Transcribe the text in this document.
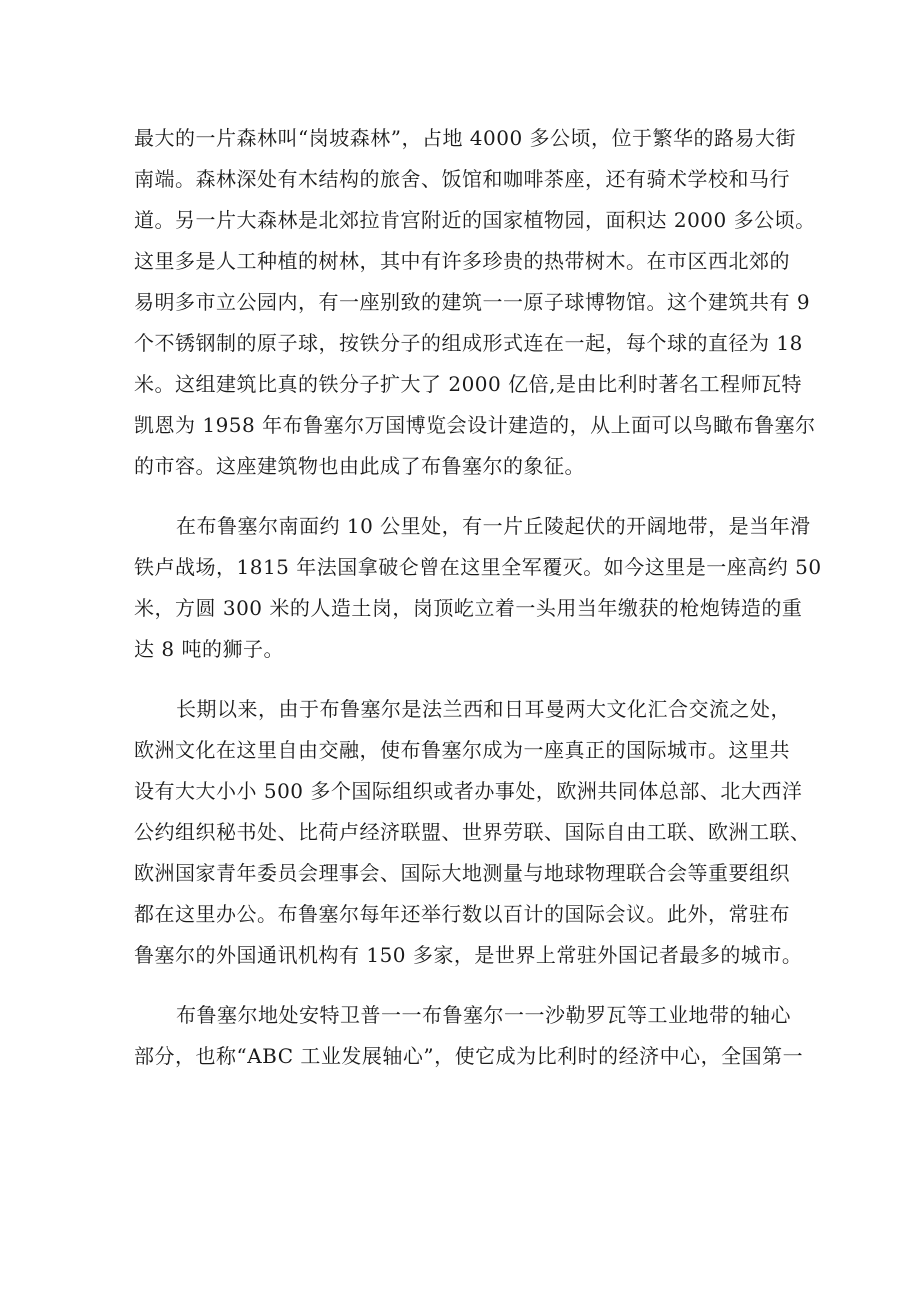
最大的一片森林叫“岗坡森林”，占地 4000 多公顷，位于繁华的路易大街
南端。森林深处有木结构的旅舍、饭馆和咖啡茶座，还有骑术学校和马行
道。另一片大森林是北郊拉肯宫附近的国家植物园，面积达 2000 多公顷。
这里多是人工种植的树林，其中有许多珍贵的热带树木。在市区西北郊的
易明多市立公园内，有一座别致的建筑一一原子球博物馆。这个建筑共有 9
个不锈钢制的原子球，按铁分子的组成形式连在一起，每个球的直径为 18
米。这组建筑比真的铁分子扩大了 2000 亿倍,是由比利时著名工程师瓦特
凯恩为 1958 年布鲁塞尔万国博览会设计建造的，从上面可以鸟瞰布鲁塞尔
的市容。这座建筑物也由此成了布鲁塞尔的象征。
在布鲁塞尔南面约 10 公里处，有一片丘陵起伏的开阔地带，是当年滑
铁卢战场，1815 年法国拿破仑曾在这里全军覆灭。如今这里是一座高约 50
米，方圆 300 米的人造土岗，岗顶屹立着一头用当年缴获的枪炮铸造的重
达 8 吨的狮子。
长期以来，由于布鲁塞尔是法兰西和日耳曼两大文化汇合交流之处，
欧洲文化在这里自由交融，使布鲁塞尔成为一座真正的国际城市。这里共
设有大大小小 500 多个国际组织或者办事处，欧洲共同体总部、北大西洋
公约组织秘书处、比荷卢经济联盟、世界劳联、国际自由工联、欧洲工联、
欧洲国家青年委员会理事会、国际大地测量与地球物理联合会等重要组织
都在这里办公。布鲁塞尔每年还举行数以百计的国际会议。此外，常驻布
鲁塞尔的外国通讯机构有 150 多家，是世界上常驻外国记者最多的城市。
布鲁塞尔地处安特卫普一一布鲁塞尔一一沙勒罗瓦等工业地带的轴心
部分，也称“ABC 工业发展轴心”，使它成为比利时的经济中心，全国第一
